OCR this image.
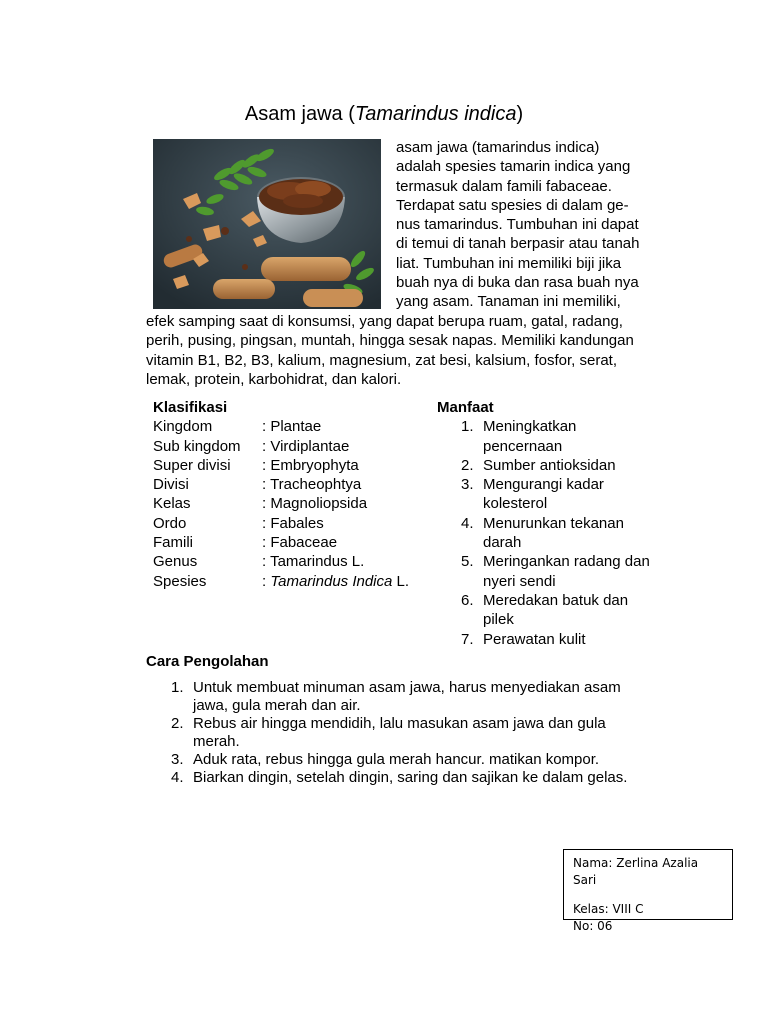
Asam jawa (Tamarindus indica)
asam jawa (tamarindus indica)
adalah spesies tamarin indica yang
termasuk dalam famili fabaceae.
Terdapat satu spesies di dalam ge-
nus tamarindus. Tumbuhan ini dapat
di temui di tanah berpasir atau tanah
liat. Tumbuhan ini memiliki biji jika
buah nya di buka dan rasa buah nya
yang asam. Tanaman ini memiliki,
efek samping saat di konsumsi, yang dapat berupa ruam, gatal, radang,
perih, pusing, pingsan, muntah, hingga sesak napas. Memiliki kandungan
vitamin B1, B2, B3, kalium, magnesium, zat besi, kalsium, fosfor, serat,
lemak, protein, karbohidrat, dan kalori.
Klasifikasi
Kingdom	: Plantae
Sub kingdom	: Virdiplantae
Super divisi	: Embryophyta
Divisi	: Tracheophtya
Kelas	: Magnoliopsida
Ordo	: Fabales
Famili	: Fabaceae
Genus	: Tamarindus L.
Spesies	: Tamarindus Indica L.
Manfaat
1. Meningkatkan pencernaan
2. Sumber antioksidan
3. Mengurangi kadar kolesterol
4. Menurunkan tekanan darah
5. Meringankan radang dan nyeri sendi
6. Meredakan batuk dan pilek
7. Perawatan kulit
Cara Pengolahan
1. Untuk membuat minuman asam jawa, harus menyediakan asam jawa, gula merah dan air.
2. Rebus air hingga mendidih, lalu masukan asam jawa dan gula merah.
3. Aduk rata, rebus hingga gula merah hancur. matikan kompor.
4. Biarkan dingin, setelah dingin, saring dan sajikan ke dalam gelas.
Nama: Zerlina Azalia Sari
Kelas: VIII C
No: 06
